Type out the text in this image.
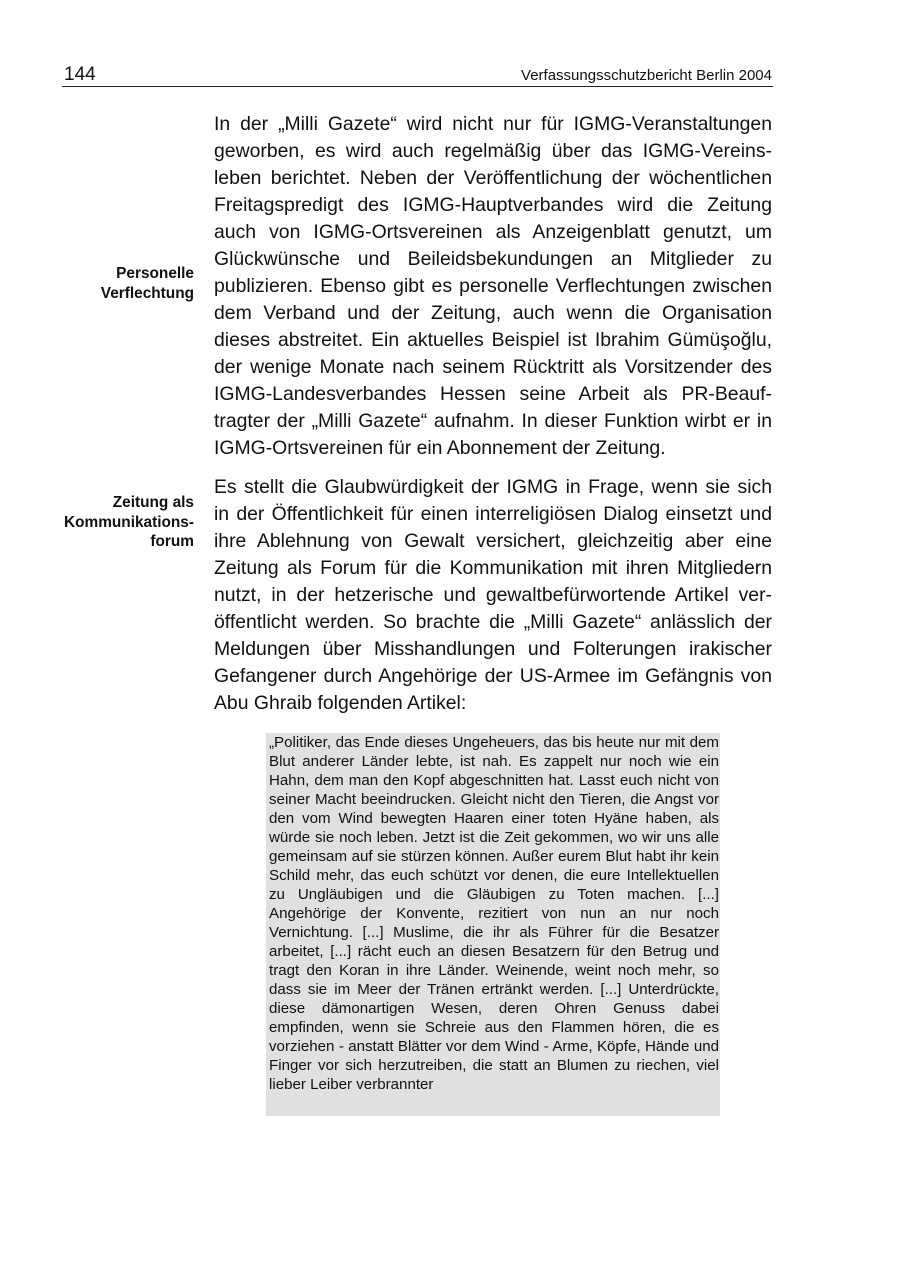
144	Verfassungsschutzbericht Berlin 2004
Personelle
Verflechtung

In der „Milli Gazete“ wird nicht nur für IGMG-Veranstaltungen geworben, es wird auch regelmäßig über das IGMG-Vereinsleben berichtet. Neben der Veröffentlichung der wöchentlichen Freitagspredigt des IGMG-Hauptverbandes wird die Zeitung auch von IGMG-Ortsvereinen als Anzeigenblatt genutzt, um Glückwünsche und Beileidsbekundungen an Mitglieder zu publizieren. Ebenso gibt es personelle Verflechtungen zwischen dem Verband und der Zeitung, auch wenn die Organisation dieses abstreitet. Ein aktuelles Beispiel ist Ibrahim Gümüşoğlu, der wenige Monate nach seinem Rücktritt als Vorsitzender des IGMG-Landesverbandes Hessen seine Arbeit als PR-Beauftragter der „Milli Gazete“ aufnahm. In dieser Funktion wirbt er in IGMG-Ortsvereinen für ein Abonnement der Zeitung.

Zeitung als
Kommunikations-
forum

Es stellt die Glaubwürdigkeit der IGMG in Frage, wenn sie sich in der Öffentlichkeit für einen interreligiösen Dialog einsetzt und ihre Ablehnung von Gewalt versichert, gleichzeitig aber eine Zeitung als Forum für die Kommunikation mit ihren Mitgliedern nutzt, in der hetzerische und gewaltbefürwortende Artikel veröffentlicht werden. So brachte die „Milli Gazete“ anlässlich der Meldungen über Misshandlungen und Folterungen irakischer Gefangener durch Angehörige der US-Armee im Gefängnis von Abu Ghraib folgenden Artikel:

„Politiker, das Ende dieses Ungeheuers, das bis heute nur mit dem Blut anderer Länder lebte, ist nah. Es zappelt nur noch wie ein Hahn, dem man den Kopf abgeschnitten hat. Lasst euch nicht von seiner Macht beeindrucken. Gleicht nicht den Tieren, die Angst vor den vom Wind bewegten Haaren einer toten Hyäne haben, als würde sie noch leben. Jetzt ist die Zeit gekommen, wo wir uns alle gemeinsam auf sie stürzen können. Außer eurem Blut habt ihr kein Schild mehr, das euch schützt vor denen, die eure Intellektuellen zu Ungläubigen und die Gläubigen zu Toten machen. [...] Angehörige der Konvente, rezitiert von nun an nur noch Vernichtung. [...] Muslime, die ihr als Führer für die Besatzer arbeitet, [...] rächt euch an diesen Besatzern für den Betrug und tragt den Koran in ihre Länder. Weinende, weint noch mehr, so dass sie im Meer der Tränen ertränkt werden. [...] Unterdrückte, diese dämonartigen Wesen, deren Ohren Genuss dabei empfinden, wenn sie Schreie aus den Flammen hören, die es vorziehen - anstatt Blätter vor dem Wind - Arme, Köpfe, Hände und Finger vor sich herzutreiben, die statt an Blumen zu riechen, viel lieber Leiber verbrannter
